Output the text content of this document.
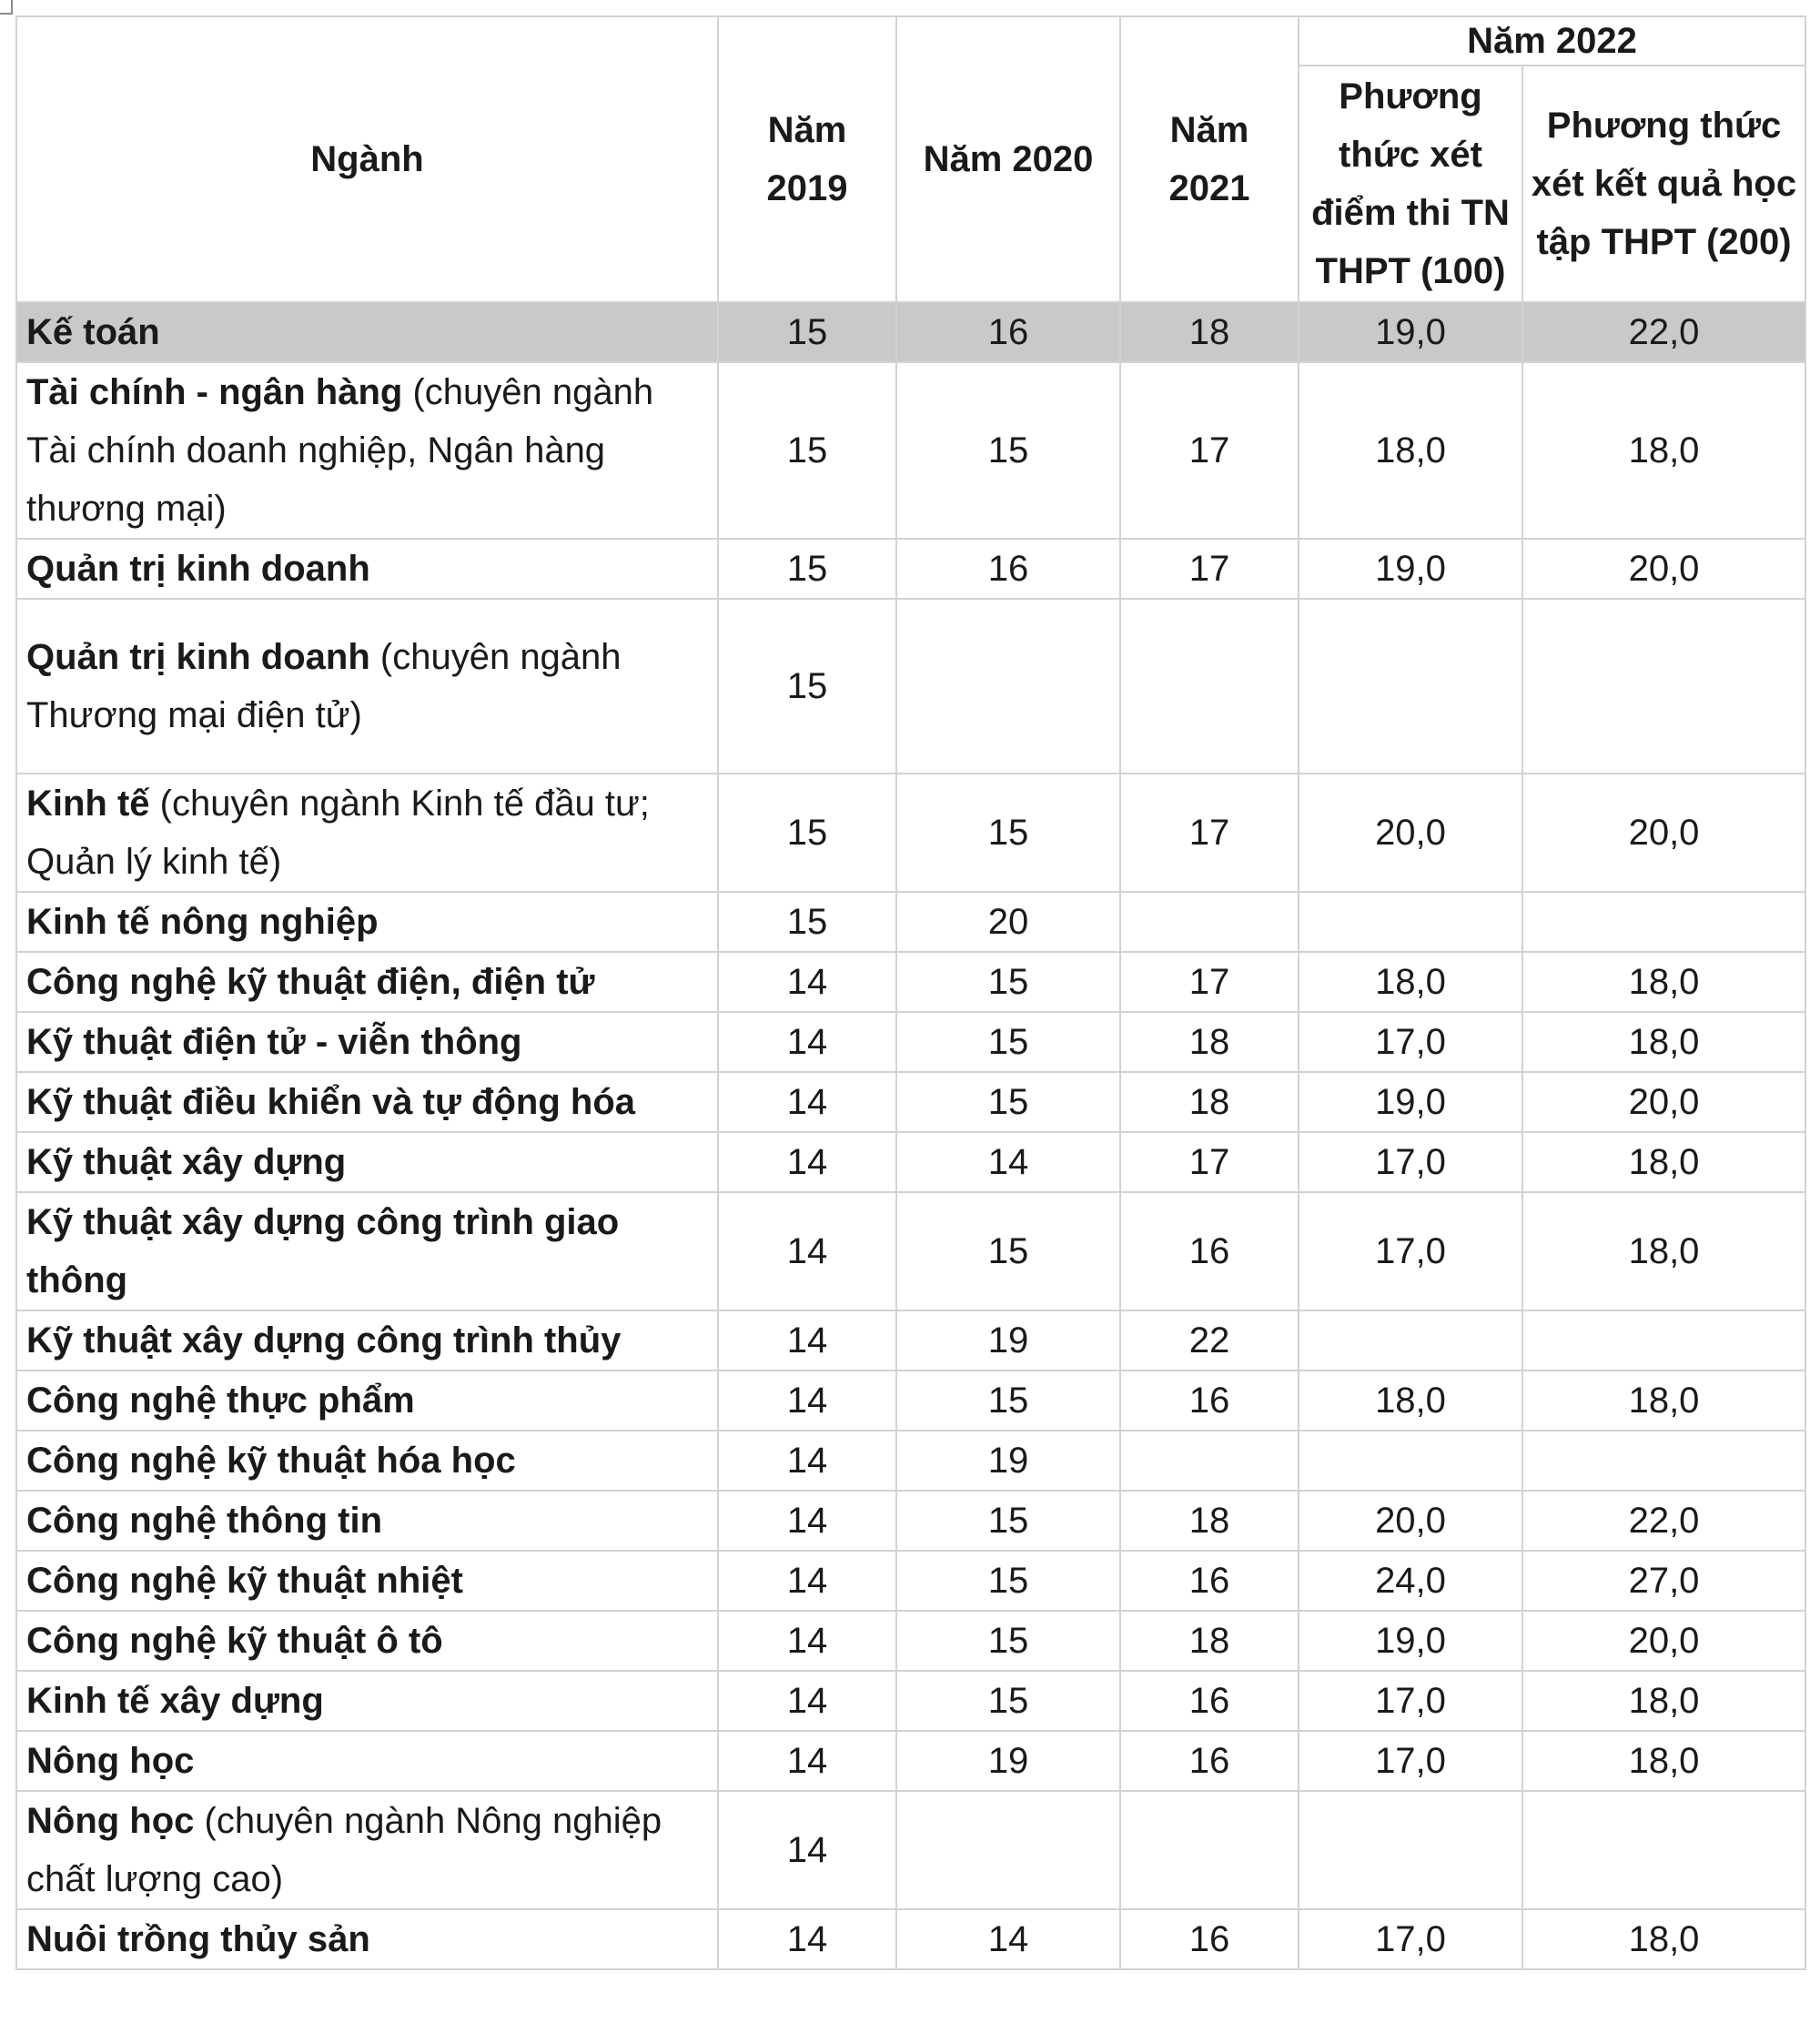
Ngành	Năm 2019	Năm 2020	Năm 2021	Năm 2022	
				Phương thức xét điểm thi TN THPT (100)	Phương thức xét kết quả học tập THPT (200)
Kế toán	15	16	18	19,0	22,0
Tài chính - ngân hàng (chuyên ngành Tài chính doanh nghiệp, Ngân hàng thương mại)	15	15	17	18,0	18,0
Quản trị kinh doanh	15	16	17	19,0	20,0
Quản trị kinh doanh (chuyên ngành Thương mại điện tử)	15				
Kinh tế (chuyên ngành Kinh tế đầu tư; Quản lý kinh tế)	15	15	17	20,0	20,0
Kinh tế nông nghiệp	15	20			
Công nghệ kỹ thuật điện, điện tử	14	15	17	18,0	18,0
Kỹ thuật điện tử - viễn thông	14	15	18	17,0	18,0
Kỹ thuật điều khiển và tự động hóa	14	15	18	19,0	20,0
Kỹ thuật xây dựng	14	14	17	17,0	18,0
Kỹ thuật xây dựng công trình giao thông	14	15	16	17,0	18,0
Kỹ thuật xây dựng công trình thủy	14	19	22		
Công nghệ thực phẩm	14	15	16	18,0	18,0
Công nghệ kỹ thuật hóa học	14	19			
Công nghệ thông tin	14	15	18	20,0	22,0
Công nghệ kỹ thuật nhiệt	14	15	16	24,0	27,0
Công nghệ kỹ thuật ô tô	14	15	18	19,0	20,0
Kinh tế xây dựng	14	15	16	17,0	18,0
Nông học	14	19	16	17,0	18,0
Nông học (chuyên ngành Nông nghiệp chất lượng cao)	14				
Nuôi trồng thủy sản	14	14	16	17,0	18,0
